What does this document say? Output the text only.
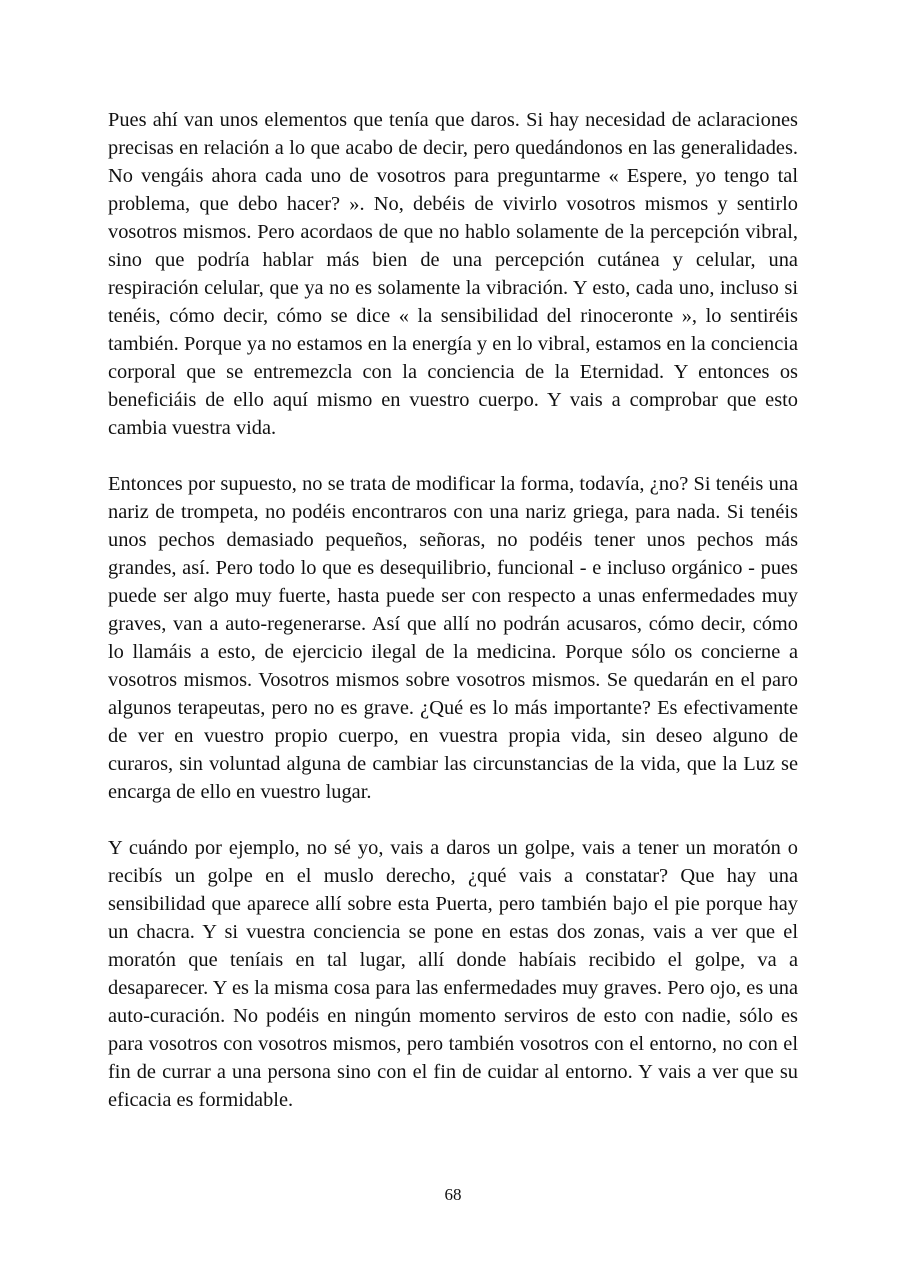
Pues ahí van unos elementos que tenía que daros. Si hay necesidad de aclaraciones precisas en relación a lo que acabo de decir, pero quedándonos en las generalidades. No vengáis ahora cada uno de vosotros para preguntarme « Espere, yo tengo tal problema, que debo hacer? ». No, debéis de vivirlo vosotros mismos y sentirlo vosotros mismos. Pero acordaos de que no hablo solamente de la percepción vibral, sino que podría hablar más bien de una percepción cutánea y celular, una respiración celular, que ya no es solamente la vibración. Y esto, cada uno, incluso si tenéis, cómo decir, cómo se dice « la sensibilidad del rinoceronte », lo sentiréis también. Porque ya no estamos en la energía y en lo vibral, estamos en la conciencia corporal que se entremezcla con la conciencia de la Eternidad. Y entonces os beneficiáis de ello aquí mismo en vuestro cuerpo. Y vais a comprobar que esto cambia vuestra vida.

Entonces por supuesto, no se trata de modificar la forma, todavía, ¿no? Si tenéis una nariz de trompeta, no podéis encontraros con una nariz griega, para nada. Si tenéis unos pechos demasiado pequeños, señoras, no podéis tener unos pechos más grandes, así. Pero todo lo que es desequilibrio, funcional - e incluso orgánico - pues puede ser algo muy fuerte, hasta puede ser con respecto a unas enfermedades muy graves, van a auto-regenerarse. Así que allí no podrán acusaros, cómo decir, cómo lo llamáis a esto, de ejercicio ilegal de la medicina. Porque sólo os concierne a vosotros mismos. Vosotros mismos sobre vosotros mismos. Se quedarán en el paro algunos terapeutas, pero no es grave. ¿Qué es lo más importante? Es efectivamente de ver en vuestro propio cuerpo, en vuestra propia vida, sin deseo alguno de curaros, sin voluntad alguna de cambiar las circunstancias de la vida, que la Luz se encarga de ello en vuestro lugar.

Y cuándo por ejemplo, no sé yo, vais a daros un golpe, vais a tener un moratón o recibís un golpe en el muslo derecho, ¿qué vais a constatar? Que hay una sensibilidad que aparece allí sobre esta Puerta, pero también bajo el pie porque hay un chacra. Y si vuestra conciencia se pone en estas dos zonas, vais a ver que el moratón que teníais en tal lugar, allí donde habíais recibido el golpe, va a desaparecer. Y es la misma cosa para las enfermedades muy graves. Pero ojo, es una auto-curación. No podéis en ningún momento serviros de esto con nadie, sólo es para vosotros con vosotros mismos, pero también vosotros con el entorno, no con el fin de currar a una persona sino con el fin de cuidar al entorno. Y vais a ver que su eficacia es formidable.

68
